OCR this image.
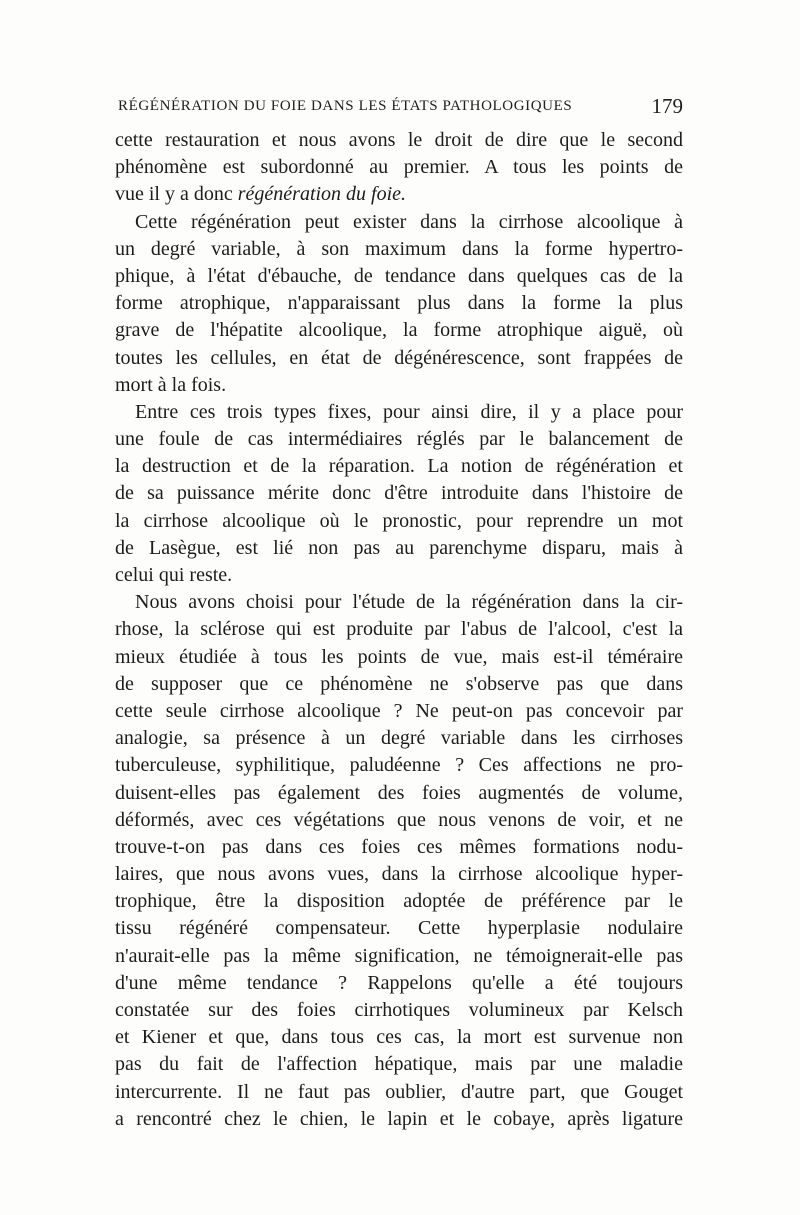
RÉGÉNÉRATION DU FOIE DANS LES ÉTATS PATHOLOGIQUES	179
cette restauration et nous avons le droit de dire que le second
phénomène est subordonné au premier. A tous les points de
vue il y a donc régénération du foie.
Cette régénération peut exister dans la cirrhose alcoolique à
un degré variable, à son maximum dans la forme hypertro-
phique, à l'état d'ébauche, de tendance dans quelques cas de la
forme atrophique, n'apparaissant plus dans la forme la plus
grave de l'hépatite alcoolique, la forme atrophique aiguë, où
toutes les cellules, en état de dégénérescence, sont frappées de
mort à la fois.
Entre ces trois types fixes, pour ainsi dire, il y a place pour
une foule de cas intermédiaires réglés par le balancement de
la destruction et de la réparation. La notion de régénération et
de sa puissance mérite donc d'être introduite dans l'histoire de
la cirrhose alcoolique où le pronostic, pour reprendre un mot
de Lasègue, est lié non pas au parenchyme disparu, mais à
celui qui reste.
Nous avons choisi pour l'étude de la régénération dans la cir-
rhose, la sclérose qui est produite par l'abus de l'alcool, c'est la
mieux étudiée à tous les points de vue, mais est-il téméraire
de supposer que ce phénomène ne s'observe pas que dans
cette seule cirrhose alcoolique ? Ne peut-on pas concevoir par
analogie, sa présence à un degré variable dans les cirrhoses
tuberculeuse, syphilitique, paludéenne ? Ces affections ne pro-
duisent-elles pas également des foies augmentés de volume,
déformés, avec ces végétations que nous venons de voir, et ne
trouve-t-on pas dans ces foies ces mêmes formations nodu-
laires, que nous avons vues, dans la cirrhose alcoolique hyper-
trophique, être la disposition adoptée de préférence par le
tissu régénéré compensateur. Cette hyperplasie nodulaire
n'aurait-elle pas la même signification, ne témoignerait-elle pas
d'une même tendance ? Rappelons qu'elle a été toujours
constatée sur des foies cirrhotiques volumineux par Kelsch
et Kiener et que, dans tous ces cas, la mort est survenue non
pas du fait de l'affection hépatique, mais par une maladie
intercurrente. Il ne faut pas oublier, d'autre part, que Gouget
a rencontré chez le chien, le lapin et le cobaye, après ligature
